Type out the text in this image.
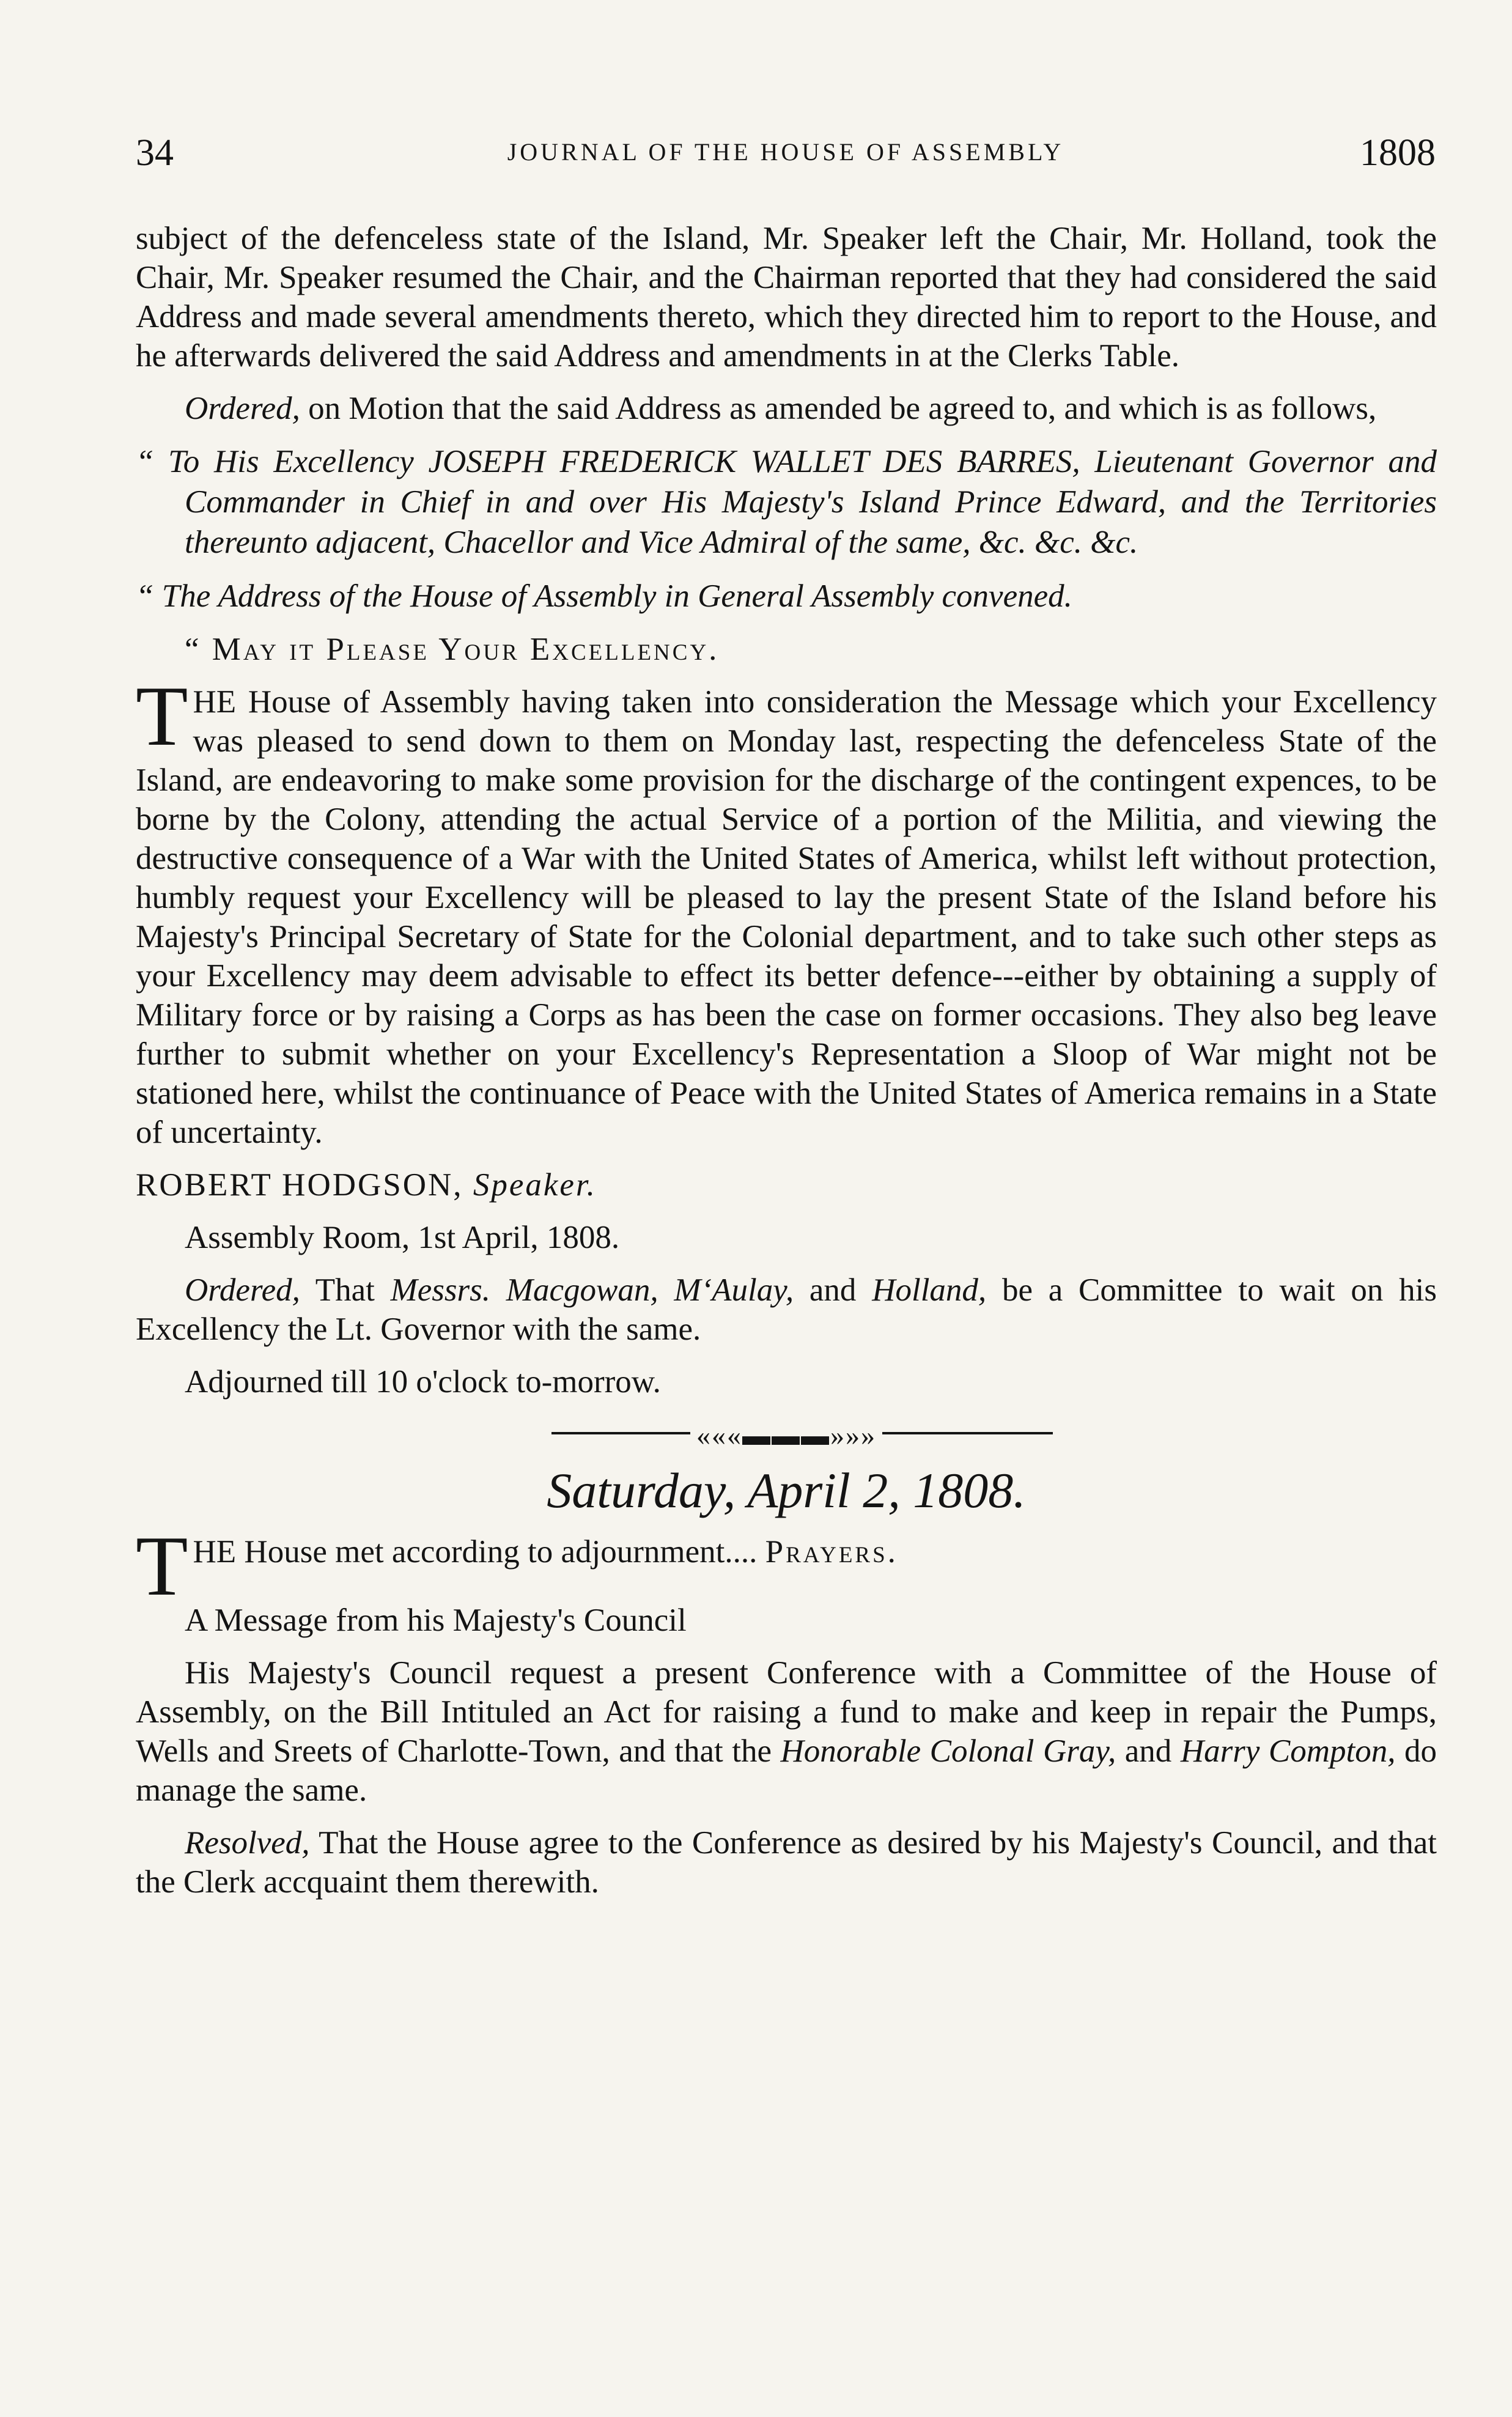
34	JOURNAL OF THE HOUSE OF ASSEMBLY	1808

subject of the defenceless state of the Island, Mr. Speaker left the Chair, Mr. Holland, took the Chair, Mr. Speaker resumed the Chair, and the Chairman reported that they had considered the said Address and made several amendments thereto, which they directed him to report to the House, and he afterwards delivered the said Address and amendments in at the Clerks Table.

Ordered, on Motion that the said Address as amended be agreed to, and which is as follows,

“ To His Excellency JOSEPH FREDERICK WALLET DES BARRES, Lieutenant Governor and Commander in Chief in and over His Majesty's Island Prince Edward, and the Territories thereunto adjacent, Chacellor and Vice Admiral of the same, &c. &c. &c.

“ The Address of the House of Assembly in General Assembly convened.

“ May it Please Your Excellency.

THE House of Assembly having taken into consideration the Message which your Excellency was pleased to send down to them on Monday last, respecting the defenceless State of the Island, are endeavoring to make some provision for the discharge of the contingent expences, to be borne by the Colony, attending the actual Service of a portion of the Militia, and viewing the destructive consequence of a War with the United States of America, whilst left without protection, humbly request your Excellency will be pleased to lay the present State of the Island before his Majesty's Principal Secretary of State for the Colonial department, and to take such other steps as your Excellency may deem advisable to effect its better defence---either by obtaining a supply of Military force or by raising a Corps as has been the case on former occasions. They also beg leave further to submit whether on your Excellency's Representation a Sloop of War might not be stationed here, whilst the continuance of Peace with the United States of America remains in a State of uncertainty.

ROBERT HODGSON, Speaker.

Assembly Room, 1st April, 1808.

Ordered, That Messrs. Macgowan, M‘Aulay, and Holland, be a Committee to wait on his Excellency the Lt. Governor with the same.

Adjourned till 10 o'clock to-morrow.

«««▬▬▬»»»
Saturday, April 2, 1808.

THE House met according to adjournment.... Prayers.

A Message from his Majesty's Council

His Majesty's Council request a present Conference with a Committee of the House of Assembly, on the Bill Intituled an Act for raising a fund to make and keep in repair the Pumps, Wells and Sreets of Charlotte-Town, and that the Honorable Colonal Gray, and Harry Compton, do manage the same.

Resolved, That the House agree to the Conference as desired by his Majesty's Council, and that the Clerk accquaint them therewith.
